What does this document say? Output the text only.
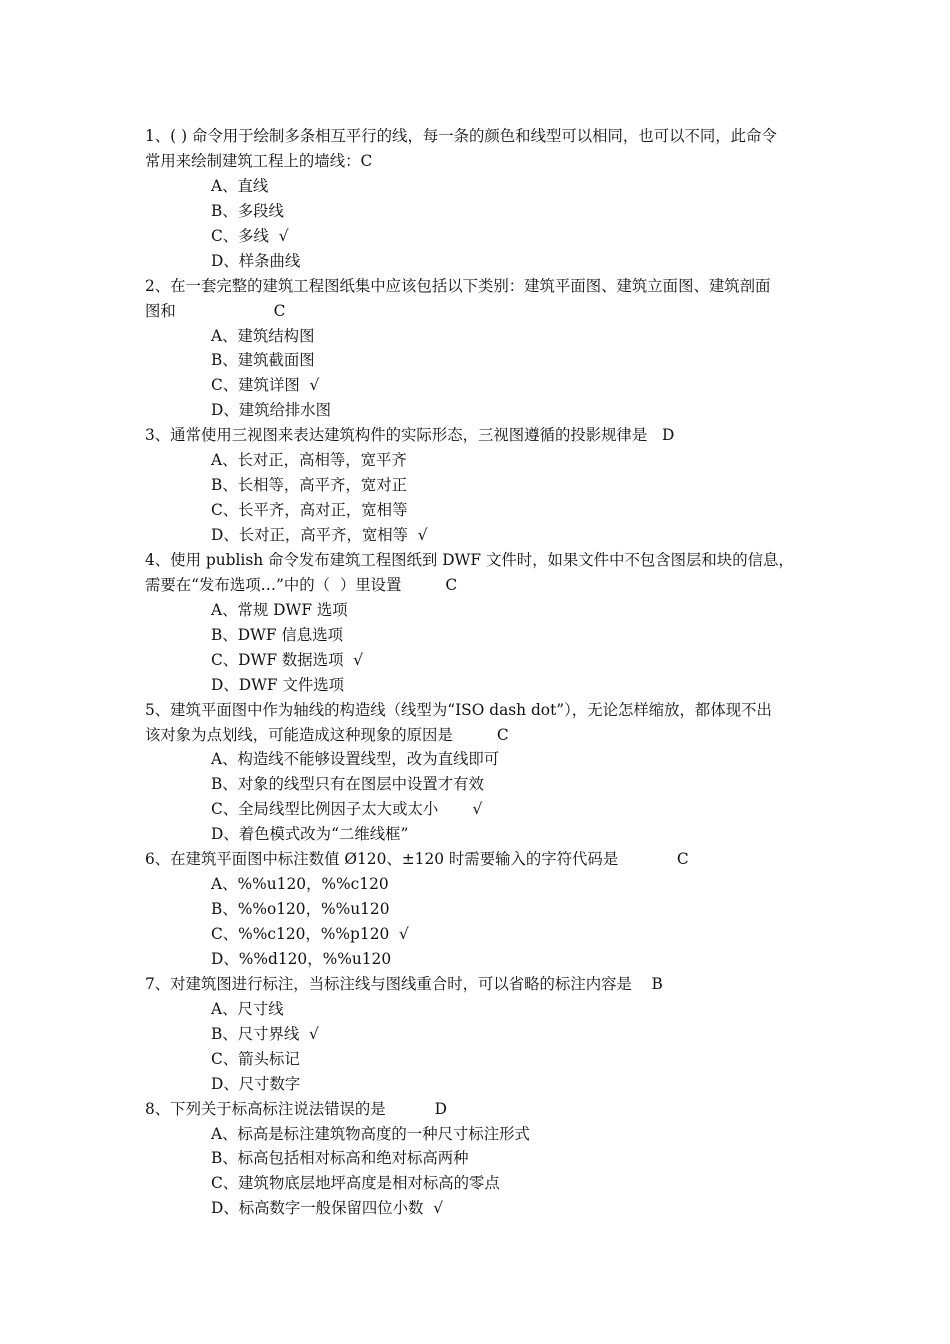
1、( ) 命令用于绘制多条相互平行的线，每一条的颜色和线型可以相同，也可以不同，此命令
常用来绘制建筑工程上的墙线：C
A、直线
B、多段线
C、多线  √
D、样条曲线
2、在一套完整的建筑工程图纸集中应该包括以下类别：建筑平面图、建筑立面图、建筑剖面
图和                    C
A、建筑结构图
B、建筑截面图
C、建筑详图  √
D、建筑给排水图
3、通常使用三视图来表达建筑构件的实际形态，三视图遵循的投影规律是   D
A、长对正，高相等，宽平齐
B、长相等，高平齐，宽对正
C、长平齐，高对正，宽相等
D、长对正，高平齐，宽相等  √
4、使用 publish 命令发布建筑工程图纸到 DWF 文件时，如果文件中不包含图层和块的信息，
需要在“发布选项…”中的（  ）里设置         C
A、常规 DWF 选项
B、DWF 信息选项
C、DWF 数据选项  √
D、DWF 文件选项
5、建筑平面图中作为轴线的构造线（线型为“ISO dash dot”），无论怎样缩放，都体现不出
该对象为点划线，可能造成这种现象的原因是         C
A、构造线不能够设置线型，改为直线即可
B、对象的线型只有在图层中设置才有效
C、全局线型比例因子太大或太小       √
D、着色模式改为“二维线框”
6、在建筑平面图中标注数值 Ø120、±120 时需要输入的字符代码是            C
A、%%u120，%%c120
B、%%o120，%%u120
C、%%c120，%%p120  √
D、%%d120，%%u120
7、对建筑图进行标注，当标注线与图线重合时，可以省略的标注内容是    B
A、尺寸线
B、尺寸界线  √
C、箭头标记
D、尺寸数字
8、下列关于标高标注说法错误的是          D
A、标高是标注建筑物高度的一种尺寸标注形式
B、标高包括相对标高和绝对标高两种
C、建筑物底层地坪高度是相对标高的零点
D、标高数字一般保留四位小数  √
